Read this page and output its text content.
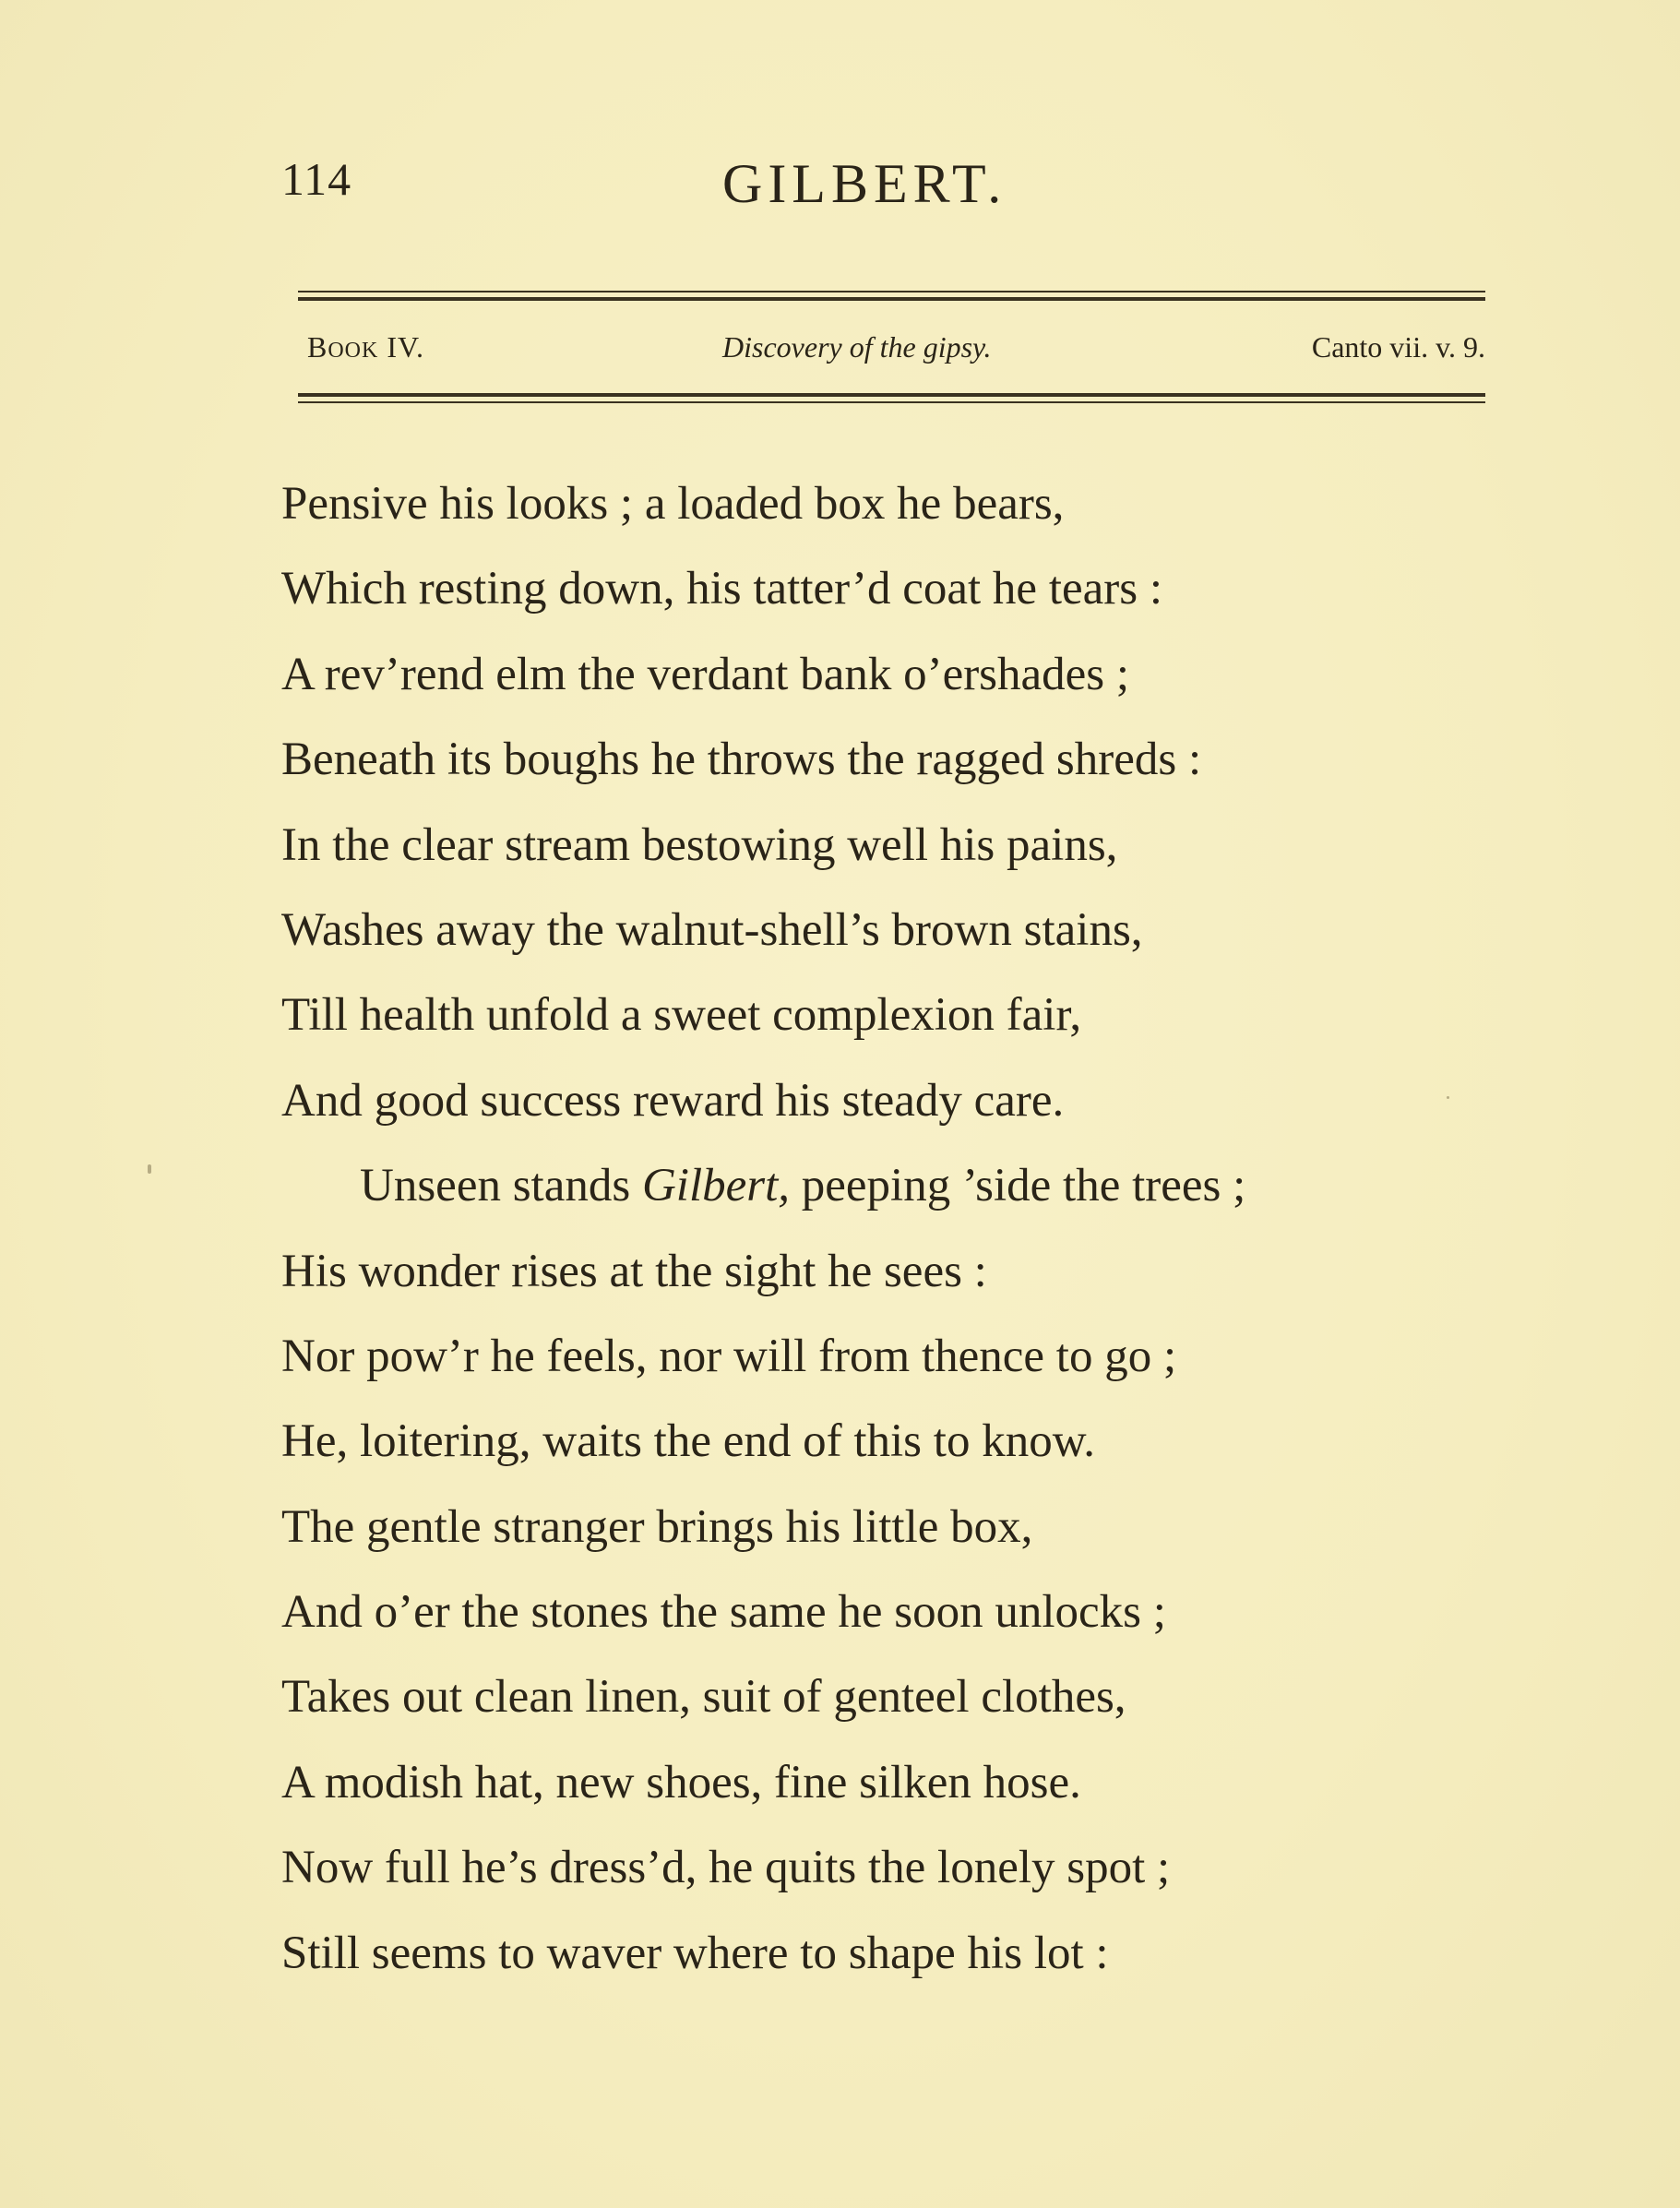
114	GILBERT.
BOOK IV.	Discovery of the gipsy.	Canto vii. v. 9.
Pensive his looks ; a loaded box he bears,
Which resting down, his tatter’d coat he tears :
A rev’rend elm the verdant bank o’ershades ;
Beneath its boughs he throws the ragged shreds :
In the clear stream bestowing well his pains,
Washes away the walnut-shell’s brown stains,
Till health unfold a sweet complexion fair,
And good success reward his steady care.
Unseen stands Gilbert, peeping ’side the trees ;
His wonder rises at the sight he sees :
Nor pow’r he feels, nor will from thence to go ;
He, loitering, waits the end of this to know.
The gentle stranger brings his little box,
And o’er the stones the same he soon unlocks ;
Takes out clean linen, suit of genteel clothes,
A modish hat, new shoes, fine silken hose.
Now full he’s dress’d, he quits the lonely spot ;
Still seems to waver where to shape his lot :
